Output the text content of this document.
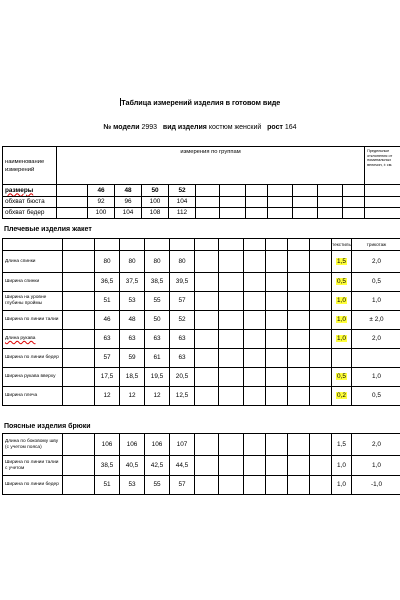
Таблица измерений изделия в готовом виде
№ модели 2993 вид изделия костюм женский рост 164
наименование измерений	измерения по группам												Предельные отклонения от номинальных величин, ± см.
размеры		46	48	50	52								
обхват бюста		92	96	100	104								
обхват бедер		100	104	108	112								
Плечевые изделия жакет
												текстиль	трикотаж
Длина спинки		80	80	80	80							1,5	2,0
Ширина спинки		36,5	37,5	38,5	39,5							0,5	0,5
Ширина на уровне глубины проймы		51	53	55	57							1,0	1,0
Ширина по линии талии		46	48	50	52							1,0	± 2,0
Длина рукава		63	63	63	63							1,0	2,0
Ширина по линии бедер		57	59	61	63								
Ширина рукава вверху		17,5	18,5	19,5	20,5							0,5	1,0
Ширина плеча		12	12	12	12,5							0,2	0,5
Поясные изделия брюки
Длина по боковому шву (с учетом пояса)		106	106	106	107							1,5	2,0
Ширина по линии талии с учетом		38,5	40,5	42,5	44,5							1,0	1,0
Ширина по линии бедер		51	53	55	57							1,0	-1,0
